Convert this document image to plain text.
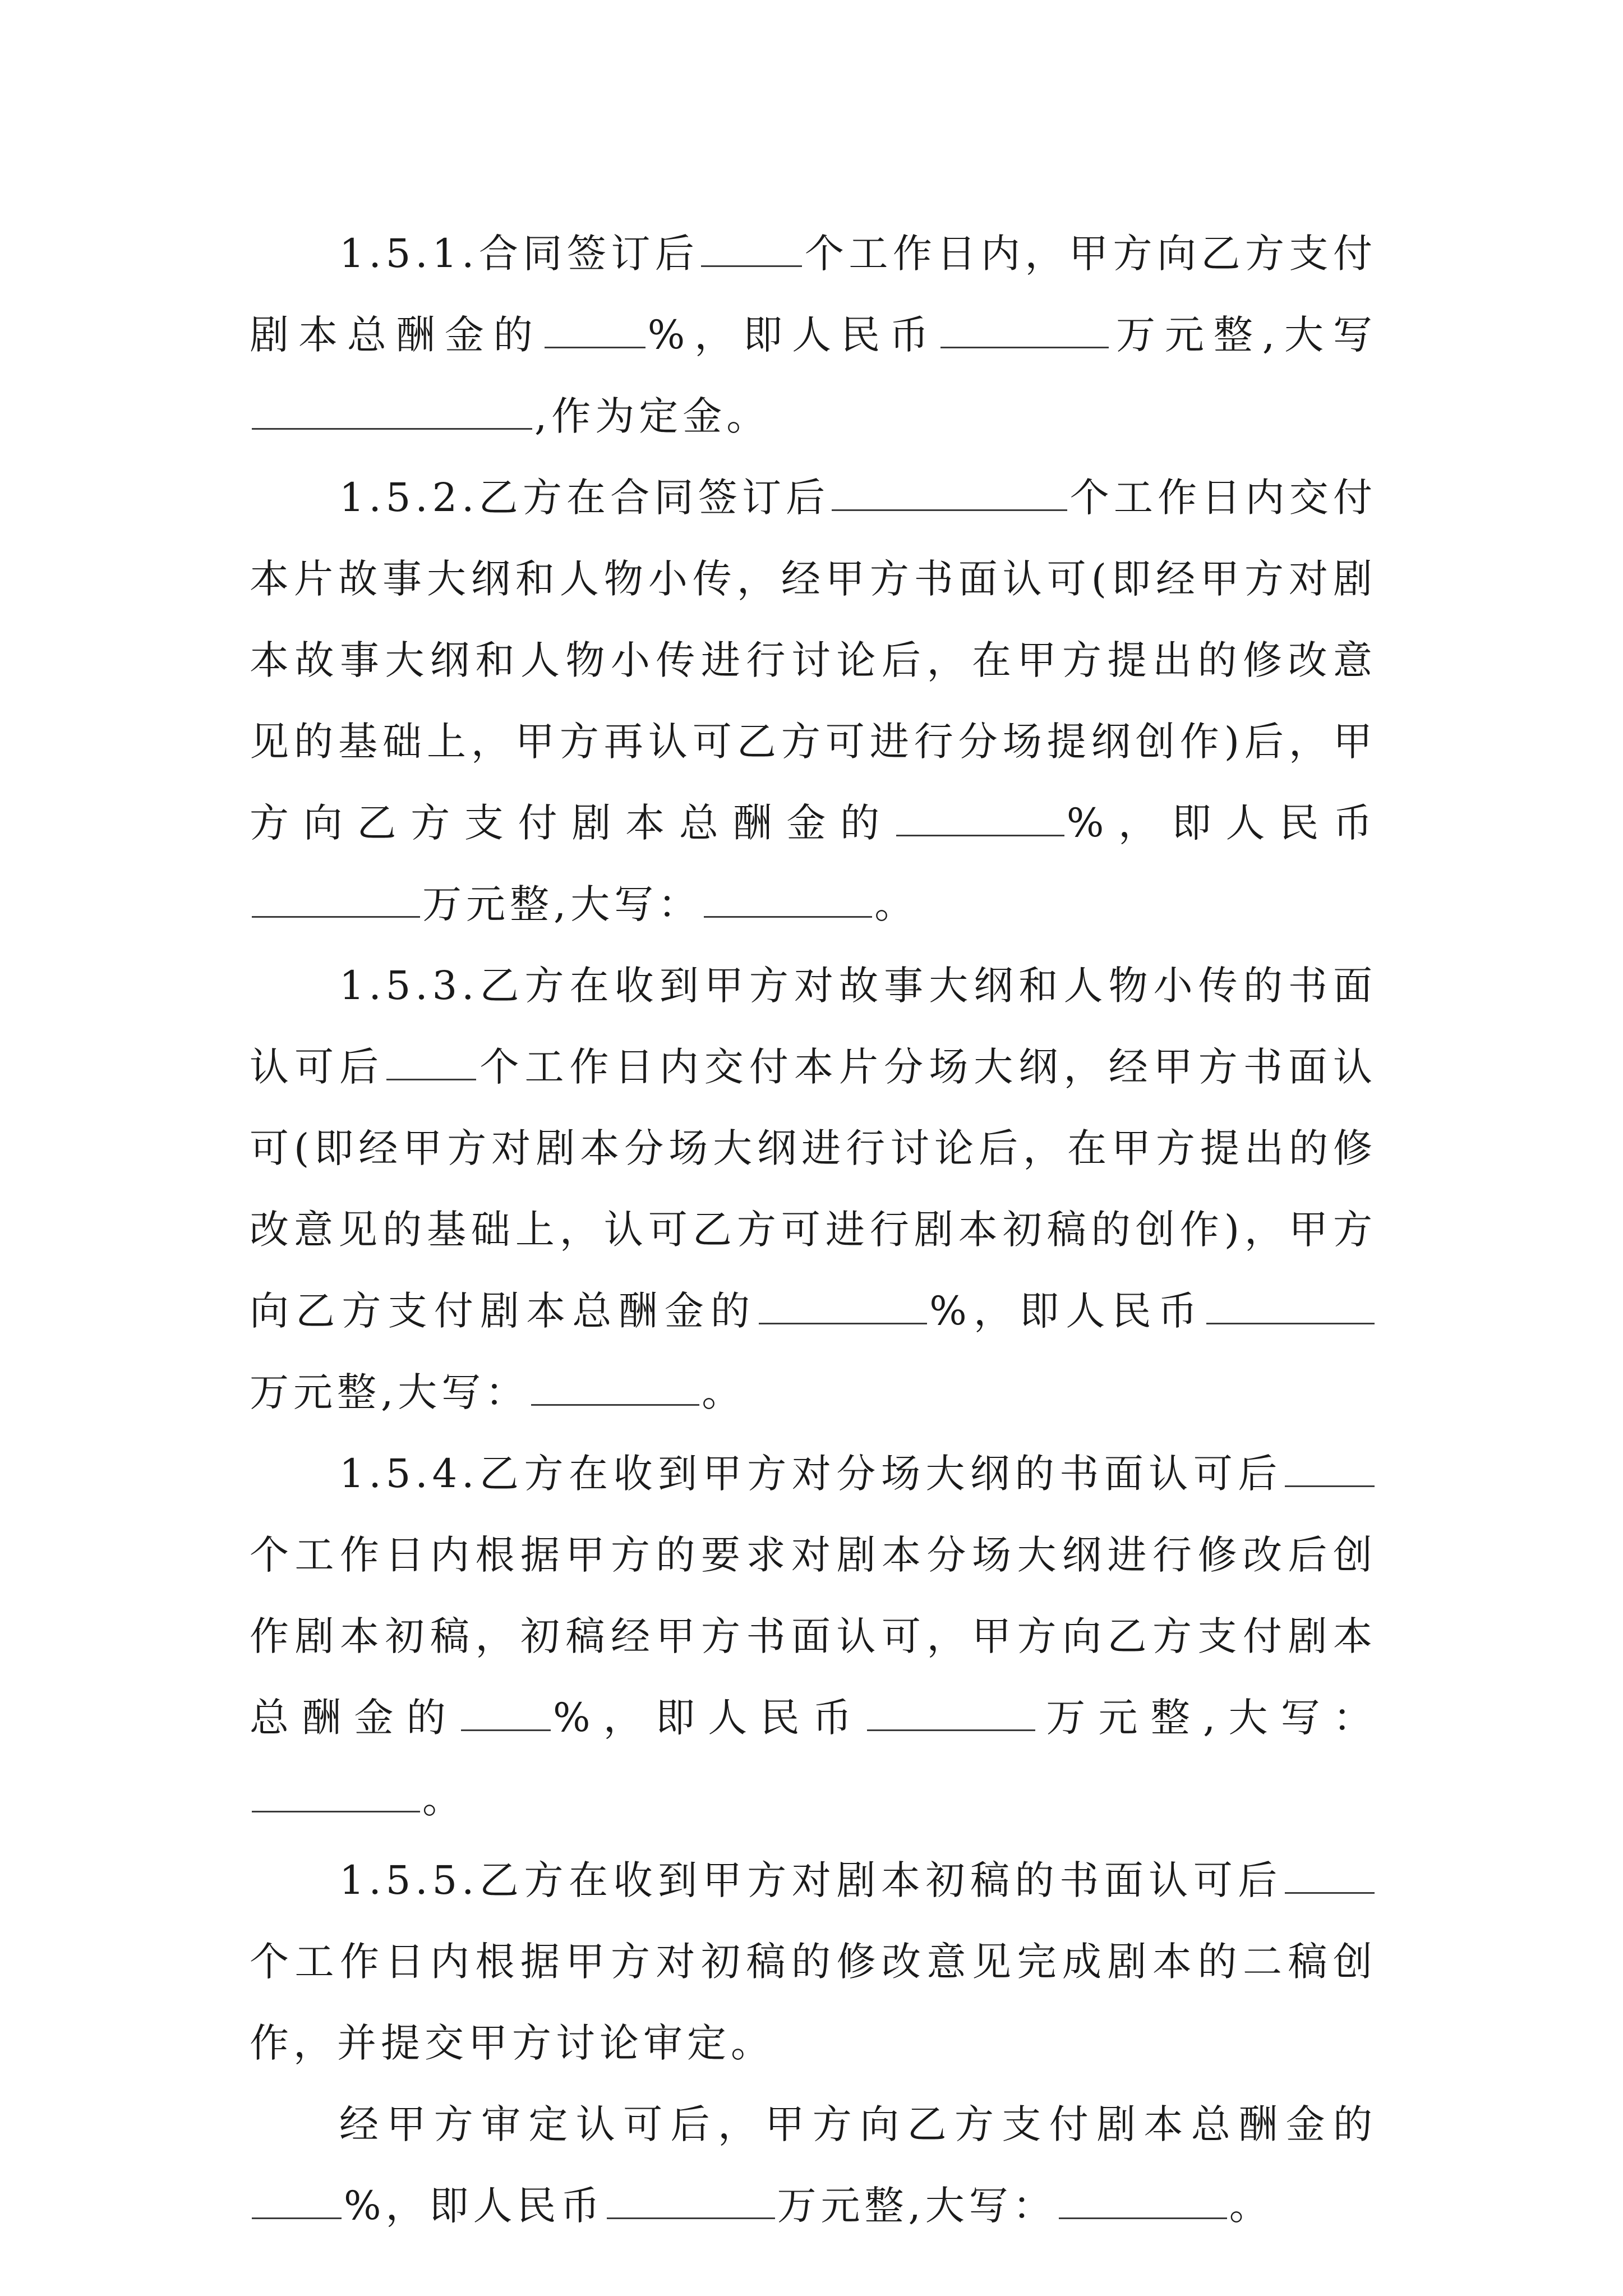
1.5.1.合同签订后	个工作日内，甲方向乙方支付剧本总酬金的	%，即人民币	万元整,大写,作为定金。

1.5.2.乙方在合同签订后	个工作日内交付本片故事大纲和人物小传，经甲方书面认可(即经甲方对剧本故事大纲和人物小传进行讨论后，在甲方提出的修改意见的基础上，甲方再认可乙方可进行分场提纲创作)后，甲方向乙方支付剧本总酬金的	%，即人民币万元整,大写：	。

1.5.3.乙方在收到甲方对故事大纲和人物小传的书面认可后 个工作日内交付本片分场大纲，经甲方书面认可(即经甲方对剧本分场大纲进行讨论后，在甲方提出的修改意见的基础上，认可乙方可进行剧本初稿的创作)，甲方向乙方支付剧本总酬金的	%，即人民币万元整,大写：	。

1.5.4.乙方在收到甲方对分场大纲的书面认可后个工作日内根据甲方的要求对剧本分场大纲进行修改后创作剧本初稿，初稿经甲方书面认可，甲方向乙方支付剧本总酬金的 %，即人民币	万元整,大写：。

1.5.5.乙方在收到甲方对剧本初稿的书面认可后个工作日内根据甲方对初稿的修改意见完成剧本的二稿创作，并提交甲方讨论审定。

经甲方审定认可后，甲方向乙方支付剧本总酬金的%，即人民币	万元整,大写：	。
